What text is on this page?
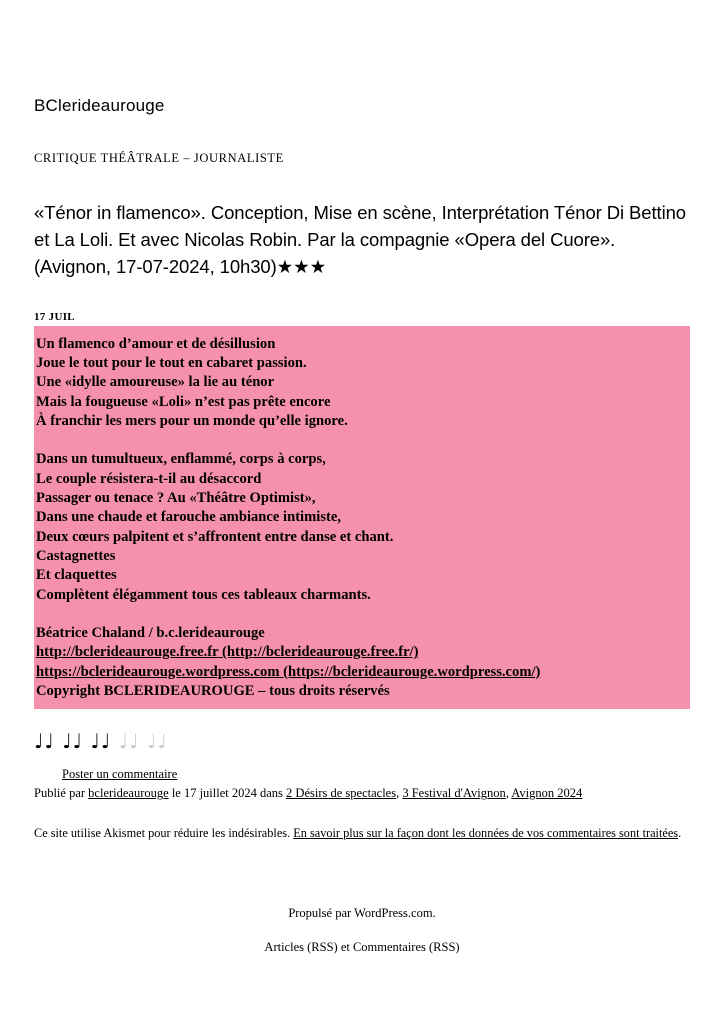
BClerideaurouge
CRITIQUE THÉÂTRALE – JOURNALISTE
«Ténor in flamenco». Conception, Mise en scène, Interprétation Ténor Di Bettino et La Loli. Et avec Nicolas Robin. Par la compagnie «Opera del Cuore». (Avignon, 17-07-2024, 10h30)★★★
17 JUIL

Un flamenco d’amour et de désillusion

Joue le tout pour le tout en cabaret passion.

Une «idylle amoureuse» la lie au ténor

Mais la fougueuse «Loli» n’est pas prête encore

À franchir les mers pour un monde qu’elle ignore.

Dans un tumultueux, enflammé, corps à corps,

Le couple résistera-t-il au désaccord

Passager ou tenace ? Au «Théâtre Optimist»,

Dans une chaude et farouche ambiance intimiste,

Deux cœurs palpitent et s’affrontent entre danse et chant.

Castagnettes

Et claquettes

Complètent élégamment tous ces tableaux charmants.

Béatrice Chaland / b.c.lerideaurouge

http://bclerideaurouge.free.fr (http://bclerideaurouge.free.fr/)

https://bclerideaurouge.wordpress.com (https://bclerideaurouge.wordpress.com/)

Copyright BCLERIDEAUROUGE – tous droits réservés

♩♩ ♩♩ ♩♩ ♩♩ ♩♩
Poster un commentaire
Publié par bclerideaurouge le 17 juillet 2024 dans 2 Désirs de spectacles, 3 Festival d'Avignon, Avignon 2024
Ce site utilise Akismet pour réduire les indésirables. En savoir plus sur la façon dont les données de vos commentaires sont traitées.
Propulsé par WordPress.com.
Articles (RSS) et Commentaires (RSS)
